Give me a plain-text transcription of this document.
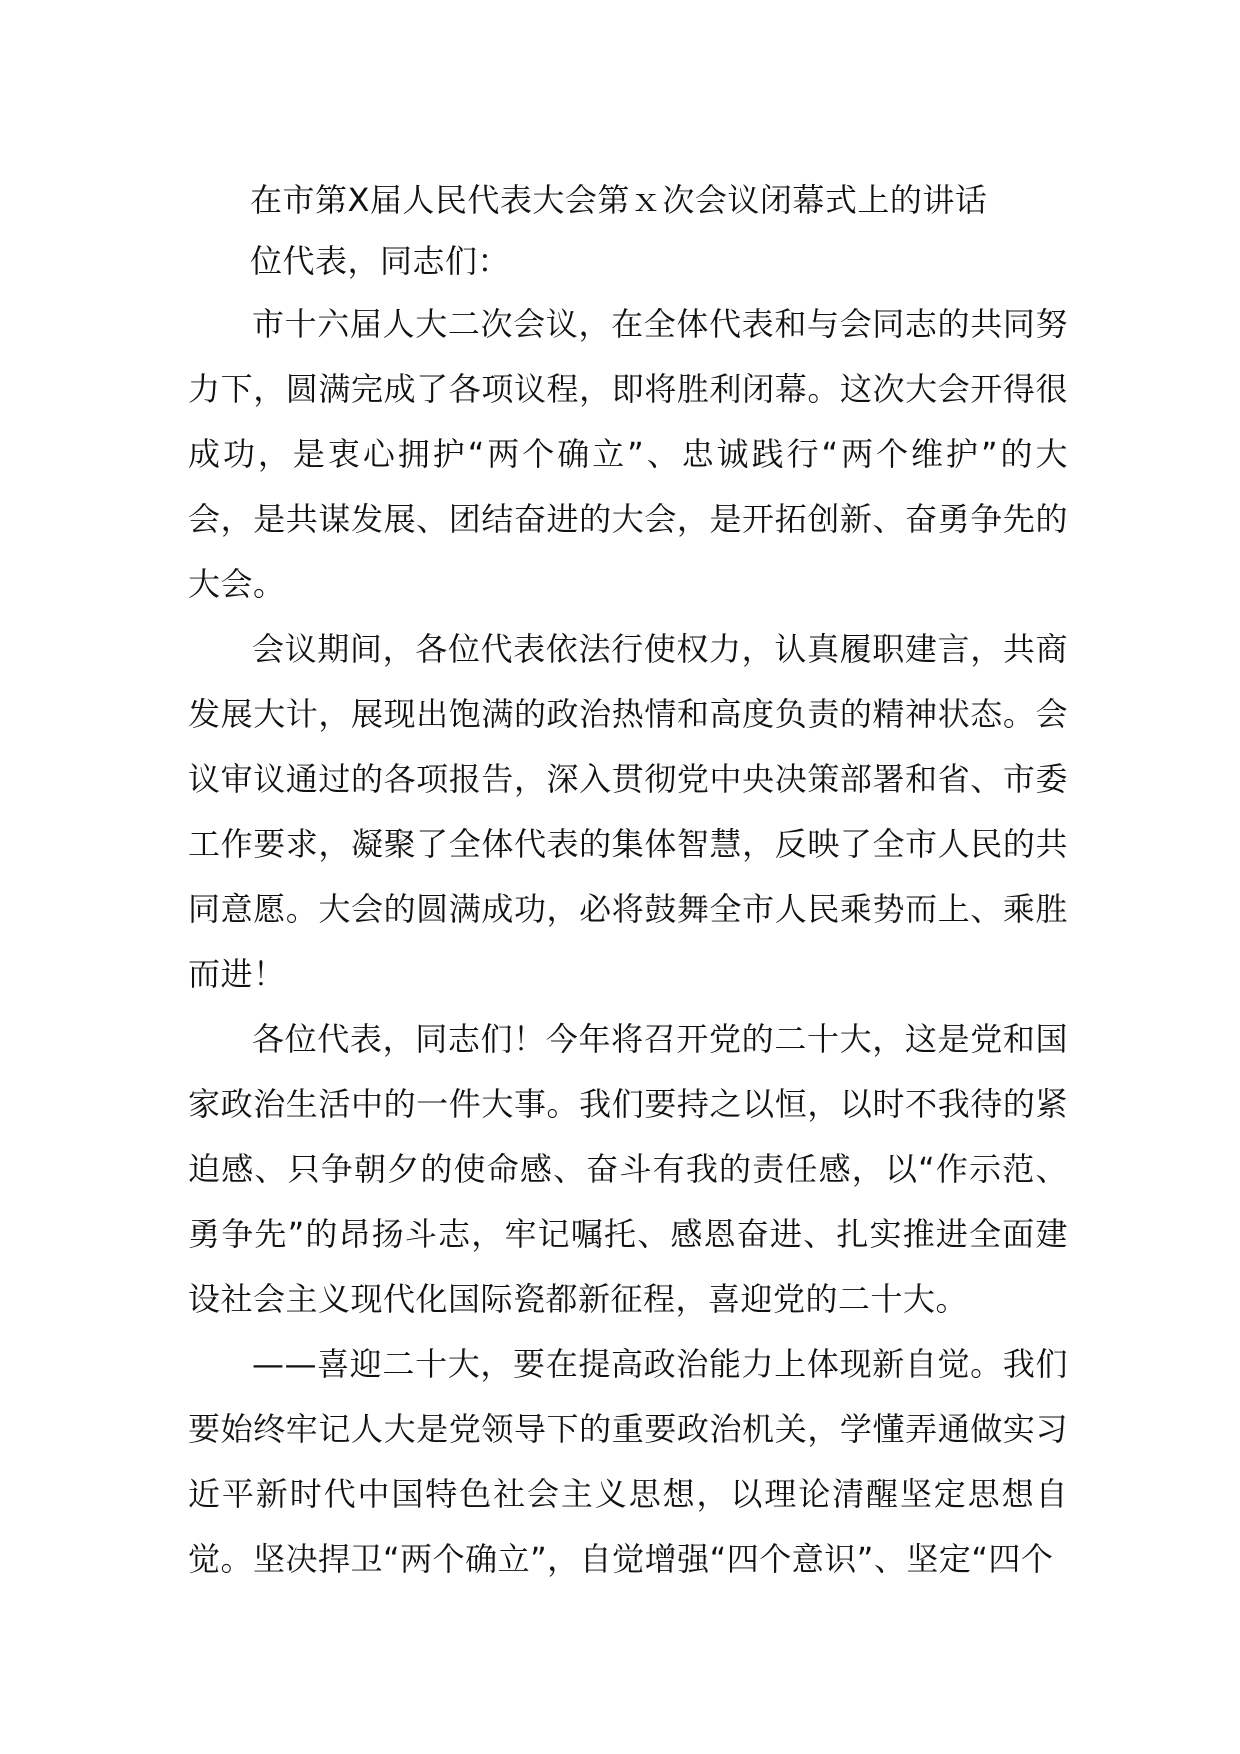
在市第Ⅹ届人民代表大会第ｘ次会议闭幕式上的讲话

位代表，同志们：

市十六届人大二次会议，在全体代表和与会同志的共同努力下，圆满完成了各项议程，即将胜利闭幕。这次大会开得很成功，是衷心拥护“两个确立”、忠诚践行“两个维护”的大会，是共谋发展、团结奋进的大会，是开拓创新、奋勇争先的大会。

会议期间，各位代表依法行使权力，认真履职建言，共商发展大计，展现出饱满的政治热情和高度负责的精神状态。会议审议通过的各项报告，深入贯彻党中央决策部署和省、市委工作要求，凝聚了全体代表的集体智慧，反映了全市人民的共同意愿。大会的圆满成功，必将鼓舞全市人民乘势而上、乘胜而进！

各位代表，同志们！今年将召开党的二十大，这是党和国家政治生活中的一件大事。我们要持之以恒，以时不我待的紧迫感、只争朝夕的使命感、奋斗有我的责任感，以“作示范、勇争先”的昂扬斗志，牢记嘱托、感恩奋进、扎实推进全面建设社会主义现代化国际瓷都新征程，喜迎党的二十大。

——喜迎二十大，要在提高政治能力上体现新自觉。我们要始终牢记人大是党领导下的重要政治机关，学懂弄通做实习近平新时代中国特色社会主义思想，以理论清醒坚定思想自觉。坚决捍卫“两个确立”，自觉增强“四个意识”、坚定“四个
